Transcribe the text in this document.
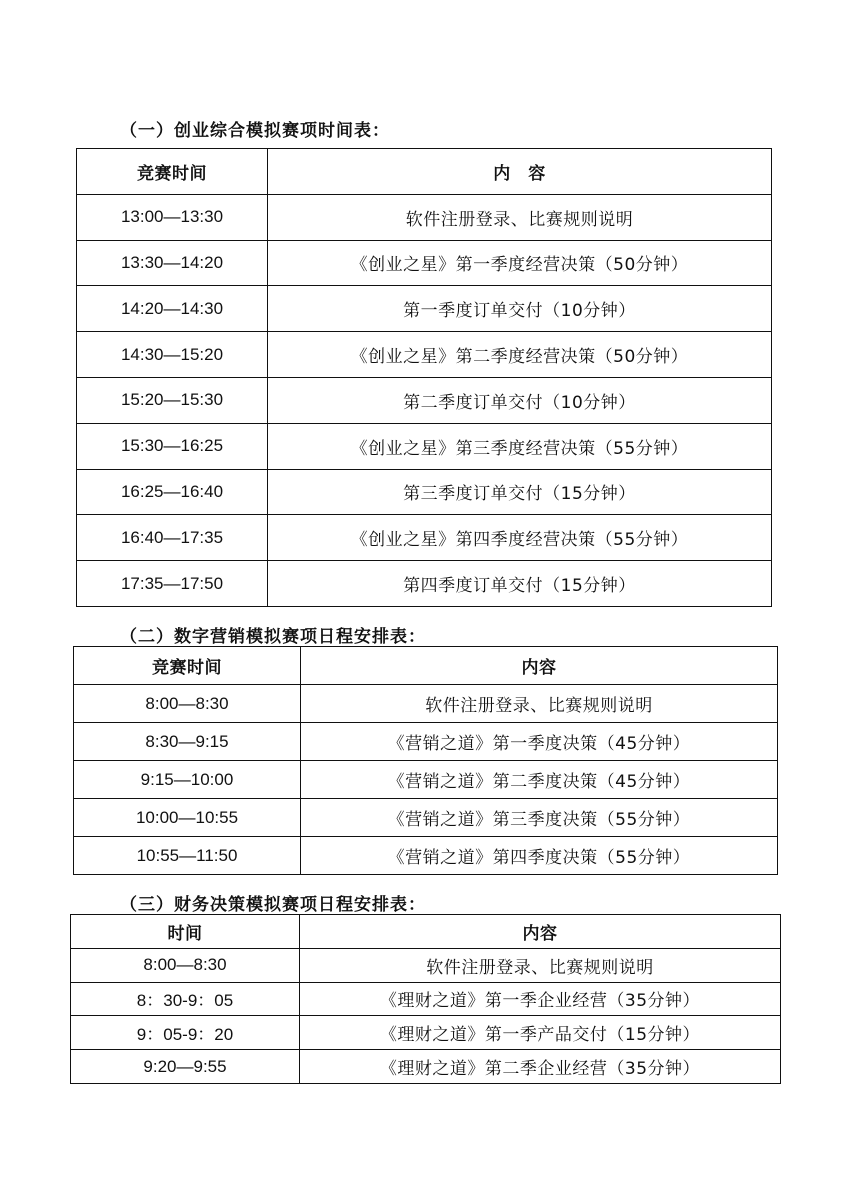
（一）创业综合模拟赛项时间表：
竞赛时间	内　容
13:00—13:30	软件注册登录、比赛规则说明
13:30—14:20	《创业之星》第一季度经营决策（50分钟）
14:20—14:30	第一季度订单交付（10分钟）
14:30—15:20	《创业之星》第二季度经营决策（50分钟）
15:20—15:30	第二季度订单交付（10分钟）
15:30—16:25	《创业之星》第三季度经营决策（55分钟）
16:25—16:40	第三季度订单交付（15分钟）
16:40—17:35	《创业之星》第四季度经营决策（55分钟）
17:35—17:50	第四季度订单交付（15分钟）
（二）数字营销模拟赛项日程安排表：
竞赛时间	内容
8:00—8:30	软件注册登录、比赛规则说明
8:30—9:15	《营销之道》第一季度决策（45分钟）
9:15—10:00	《营销之道》第二季度决策（45分钟）
10:00—10:55	《营销之道》第三季度决策（55分钟）
10:55—11:50	《营销之道》第四季度决策（55分钟）
（三）财务决策模拟赛项日程安排表：
时间	内容
8:00—8:30	软件注册登录、比赛规则说明
8：30-9：05	《理财之道》第一季企业经营（35分钟）
9：05-9：20	《理财之道》第一季产品交付（15分钟）
9:20—9:55	《理财之道》第二季企业经营（35分钟）
